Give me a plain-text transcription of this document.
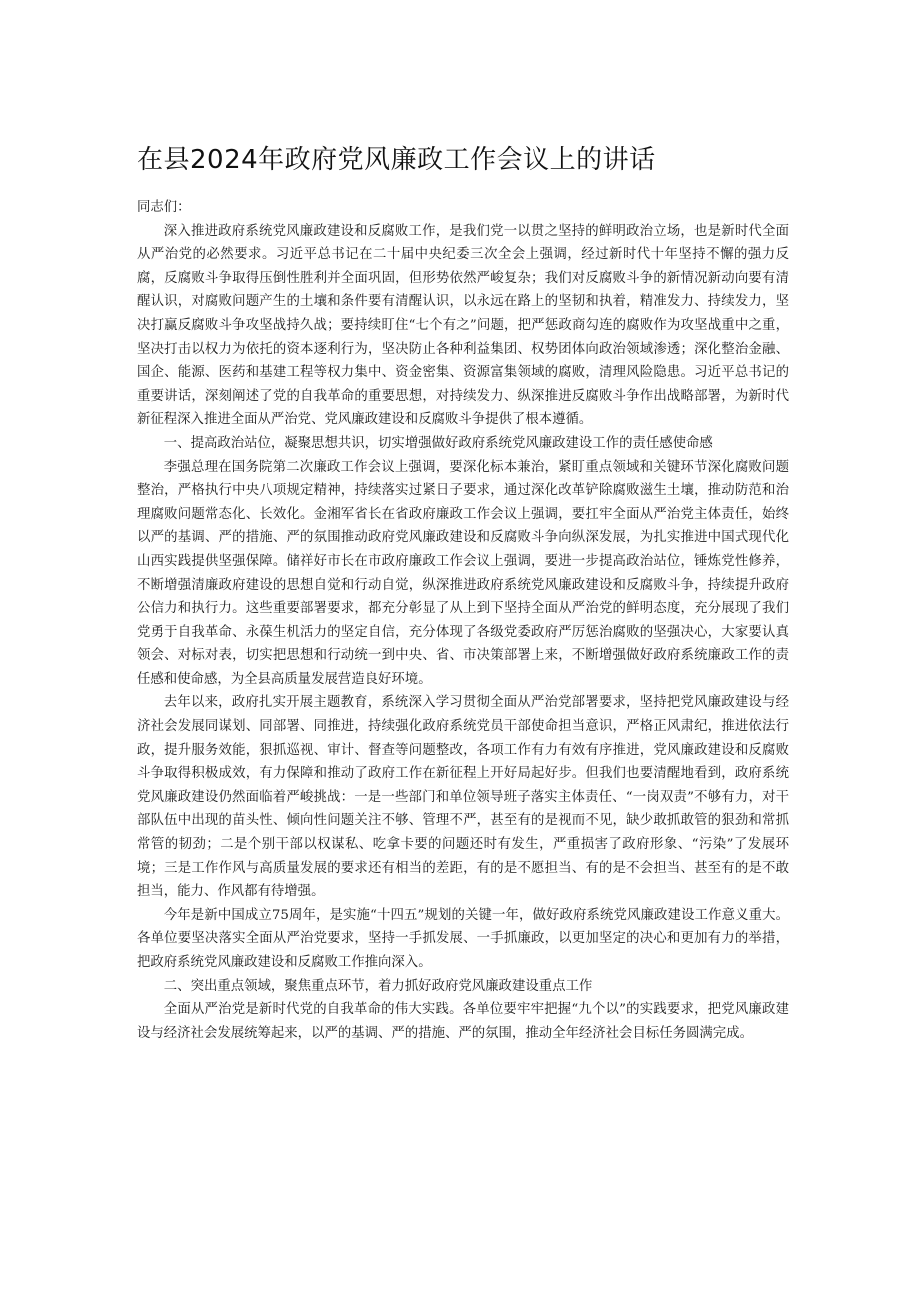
在县2024年政府党风廉政工作会议上的讲话

同志们：

深入推进政府系统党风廉政建设和反腐败工作，是我们党一以贯之坚持的鲜明政治立场，也是新时代全面从严治党的必然要求。习近平总书记在二十届中央纪委三次全会上强调，经过新时代十年坚持不懈的强力反腐，反腐败斗争取得压倒性胜利并全面巩固，但形势依然严峻复杂；我们对反腐败斗争的新情况新动向要有清醒认识，对腐败问题产生的土壤和条件要有清醒认识，以永远在路上的坚韧和执着，精准发力、持续发力，坚决打赢反腐败斗争攻坚战持久战；要持续盯住“七个有之”问题，把严惩政商勾连的腐败作为攻坚战重中之重，坚决打击以权力为依托的资本逐利行为，坚决防止各种利益集团、权势团体向政治领域渗透；深化整治金融、国企、能源、医药和基建工程等权力集中、资金密集、资源富集领域的腐败，清理风险隐患。习近平总书记的重要讲话，深刻阐述了党的自我革命的重要思想，对持续发力、纵深推进反腐败斗争作出战略部署，为新时代新征程深入推进全面从严治党、党风廉政建设和反腐败斗争提供了根本遵循。

一、提高政治站位，凝聚思想共识，切实增强做好政府系统党风廉政建设工作的责任感使命感

李强总理在国务院第二次廉政工作会议上强调，要深化标本兼治，紧盯重点领域和关键环节深化腐败问题整治，严格执行中央八项规定精神，持续落实过紧日子要求，通过深化改革铲除腐败滋生土壤，推动防范和治理腐败问题常态化、长效化。金湘军省长在省政府廉政工作会议上强调，要扛牢全面从严治党主体责任，始终以严的基调、严的措施、严的氛围推动政府党风廉政建设和反腐败斗争向纵深发展，为扎实推进中国式现代化山西实践提供坚强保障。储祥好市长在市政府廉政工作会议上强调，要进一步提高政治站位，锤炼党性修养，不断增强清廉政府建设的思想自觉和行动自觉，纵深推进政府系统党风廉政建设和反腐败斗争，持续提升政府公信力和执行力。这些重要部署要求，都充分彰显了从上到下坚持全面从严治党的鲜明态度，充分展现了我们党勇于自我革命、永葆生机活力的坚定自信，充分体现了各级党委政府严厉惩治腐败的坚强决心，大家要认真领会、对标对表，切实把思想和行动统一到中央、省、市决策部署上来，不断增强做好政府系统廉政工作的责任感和使命感，为全县高质量发展营造良好环境。

去年以来，政府扎实开展主题教育，系统深入学习贯彻全面从严治党部署要求，坚持把党风廉政建设与经济社会发展同谋划、同部署、同推进，持续强化政府系统党员干部使命担当意识，严格正风肃纪，推进依法行政，提升服务效能，狠抓巡视、审计、督查等问题整改，各项工作有力有效有序推进，党风廉政建设和反腐败斗争取得积极成效，有力保障和推动了政府工作在新征程上开好局起好步。但我们也要清醒地看到，政府系统党风廉政建设仍然面临着严峻挑战：一是一些部门和单位领导班子落实主体责任、“一岗双责”不够有力，对干部队伍中出现的苗头性、倾向性问题关注不够、管理不严，甚至有的是视而不见，缺少敢抓敢管的狠劲和常抓常管的韧劲；二是个别干部以权谋私、吃拿卡要的问题还时有发生，严重损害了政府形象、“污染”了发展环境；三是工作作风与高质量发展的要求还有相当的差距，有的是不愿担当、有的是不会担当、甚至有的是不敢担当，能力、作风都有待增强。

今年是新中国成立75周年，是实施“十四五”规划的关键一年，做好政府系统党风廉政建设工作意义重大。各单位要坚决落实全面从严治党要求，坚持一手抓发展、一手抓廉政，以更加坚定的决心和更加有力的举措，把政府系统党风廉政建设和反腐败工作推向深入。

二、突出重点领域，聚焦重点环节，着力抓好政府党风廉政建设重点工作

全面从严治党是新时代党的自我革命的伟大实践。各单位要牢牢把握“九个以”的实践要求，把党风廉政建设与经济社会发展统筹起来，以严的基调、严的措施、严的氛围，推动全年经济社会目标任务圆满完成。
